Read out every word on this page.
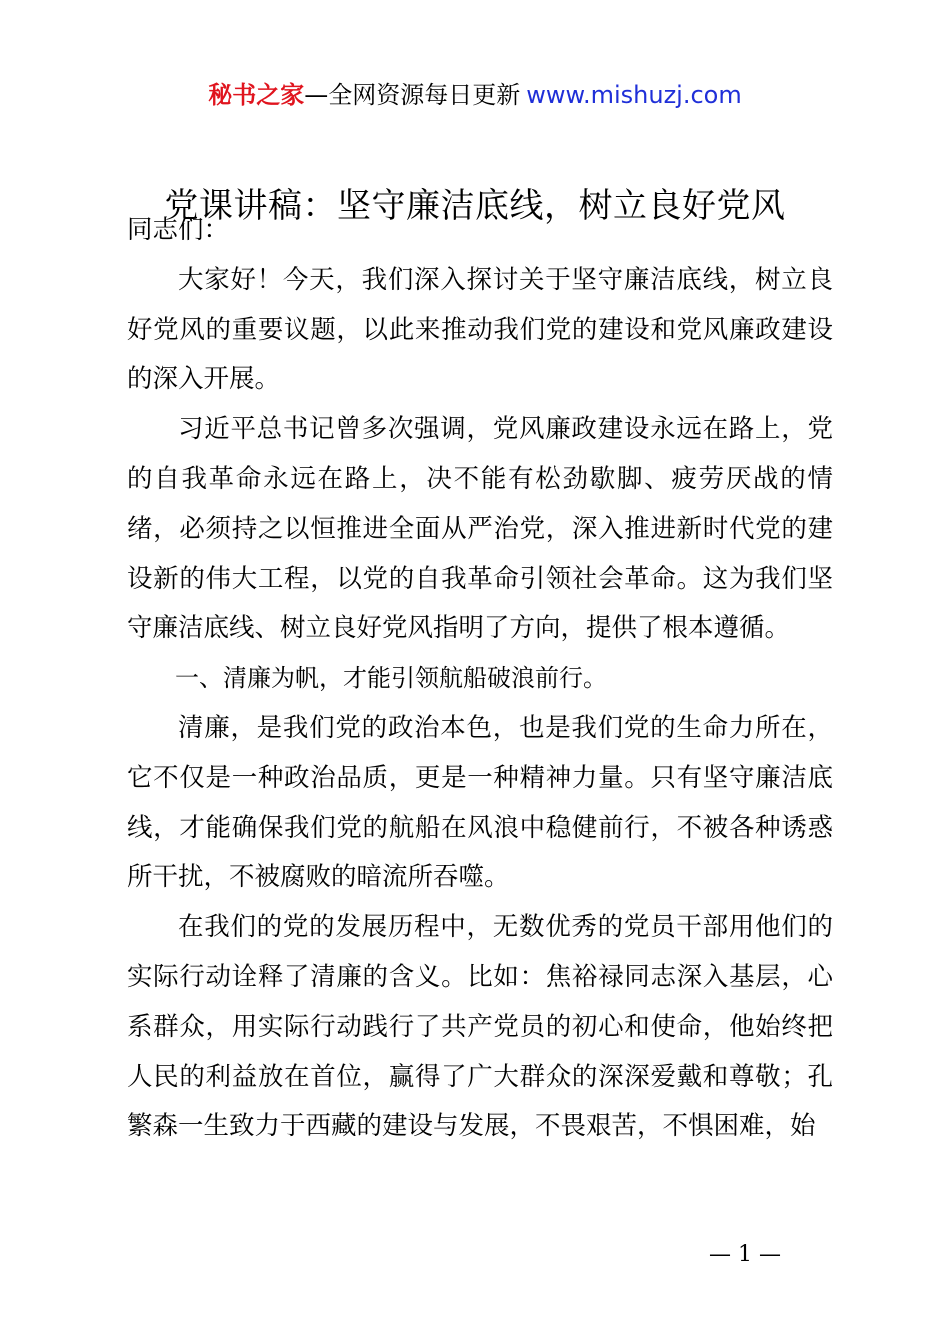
秘书之家—全网资源每日更新 www.mishuzj.com
党课讲稿：坚守廉洁底线，树立良好党风

同志们：

大家好！今天，我们深入探讨关于坚守廉洁底线，树立良好党风的重要议题，以此来推动我们党的建设和党风廉政建设的深入开展。

习近平总书记曾多次强调，党风廉政建设永远在路上，党的自我革命永远在路上，决不能有松劲歇脚、疲劳厌战的情绪，必须持之以恒推进全面从严治党，深入推进新时代党的建设新的伟大工程，以党的自我革命引领社会革命。这为我们坚守廉洁底线、树立良好党风指明了方向，提供了根本遵循。

一、清廉为帆，才能引领航船破浪前行。

清廉，是我们党的政治本色，也是我们党的生命力所在，它不仅是一种政治品质，更是一种精神力量。只有坚守廉洁底线，才能确保我们党的航船在风浪中稳健前行，不被各种诱惑所干扰，不被腐败的暗流所吞噬。

在我们的党的发展历程中，无数优秀的党员干部用他们的实际行动诠释了清廉的含义。比如：焦裕禄同志深入基层，心系群众，用实际行动践行了共产党员的初心和使命，他始终把人民的利益放在首位，赢得了广大群众的深深爱戴和尊敬；孔繁森一生致力于西藏的建设与发展，不畏艰苦，不惧困难，始

— 1 —
